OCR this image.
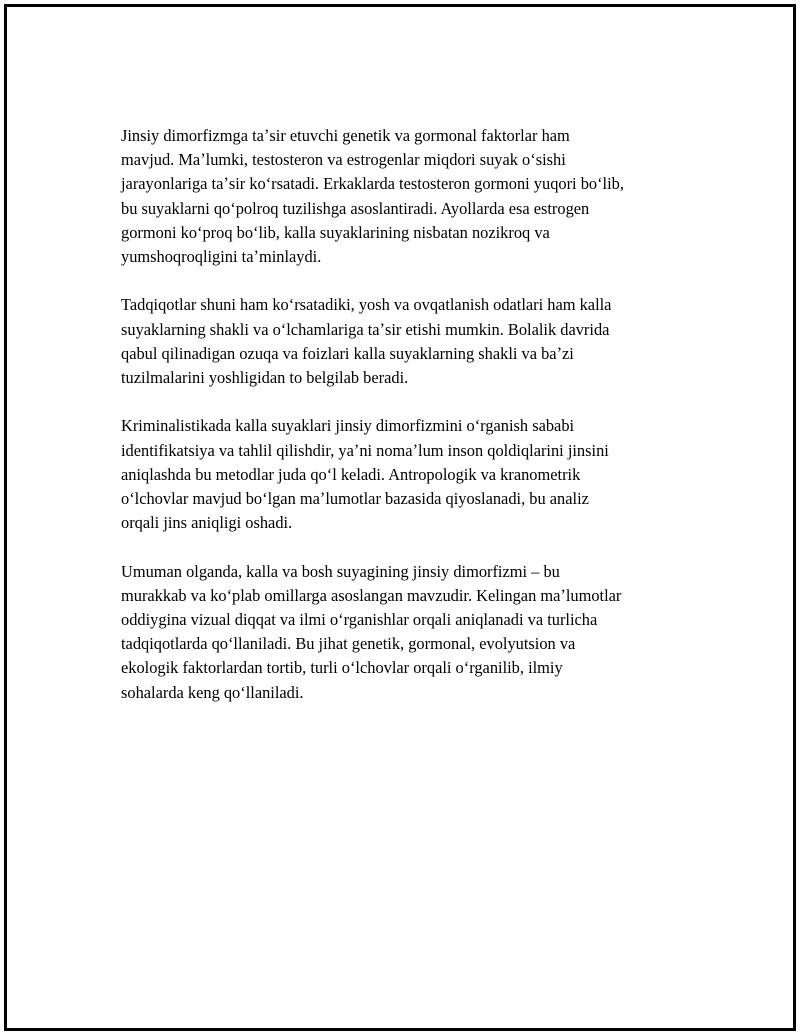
Jinsiy dimorfizmga taʼsir etuvchi genetik va gormonal faktorlar ham
mavjud. Maʼlumki, testosteron va estrogenlar miqdori suyak oʻsishi
jarayonlariga taʼsir koʻrsatadi. Erkaklarda testosteron gormoni yuqori boʻlib,
bu suyaklarni qoʻpolroq tuzilishga asoslantiradi. Ayollarda esa estrogen
gormoni koʻproq boʻlib, kalla suyaklarining nisbatan nozikroq va
yumshoqroqligini taʼminlaydi.

Tadqiqotlar shuni ham koʻrsatadiki, yosh va ovqatlanish odatlari ham kalla
suyaklarning shakli va oʻlchamlariga taʼsir etishi mumkin. Bolalik davrida
qabul qilinadigan ozuqa va foizlari kalla suyaklarning shakli va baʼzi
tuzilmalarini yoshligidan to belgilab beradi.

Kriminalistikada kalla suyaklari jinsiy dimorfizmini oʻrganish sababi
identifikatsiya va tahlil qilishdir, yaʼni nomaʼlum inson qoldiqlarini jinsini
aniqlashda bu metodlar juda qoʻl keladi. Antropologik va kranometrik
oʻlchovlar mavjud boʻlgan maʼlumotlar bazasida qiyoslanadi, bu analiz
orqali jins aniqligi oshadi.

Umuman olganda, kalla va bosh suyagining jinsiy dimorfizmi – bu
murakkab va koʻplab omillarga asoslangan mavzudir. Kelingan maʼlumotlar
oddiygina vizual diqqat va ilmi oʻrganishlar orqali aniqlanadi va turlicha
tadqiqotlarda qoʻllaniladi. Bu jihat genetik, gormonal, evolyutsion va
ekologik faktorlardan tortib, turli oʻlchovlar orqali oʻrganilib, ilmiy
sohalarda keng qoʻllaniladi.
